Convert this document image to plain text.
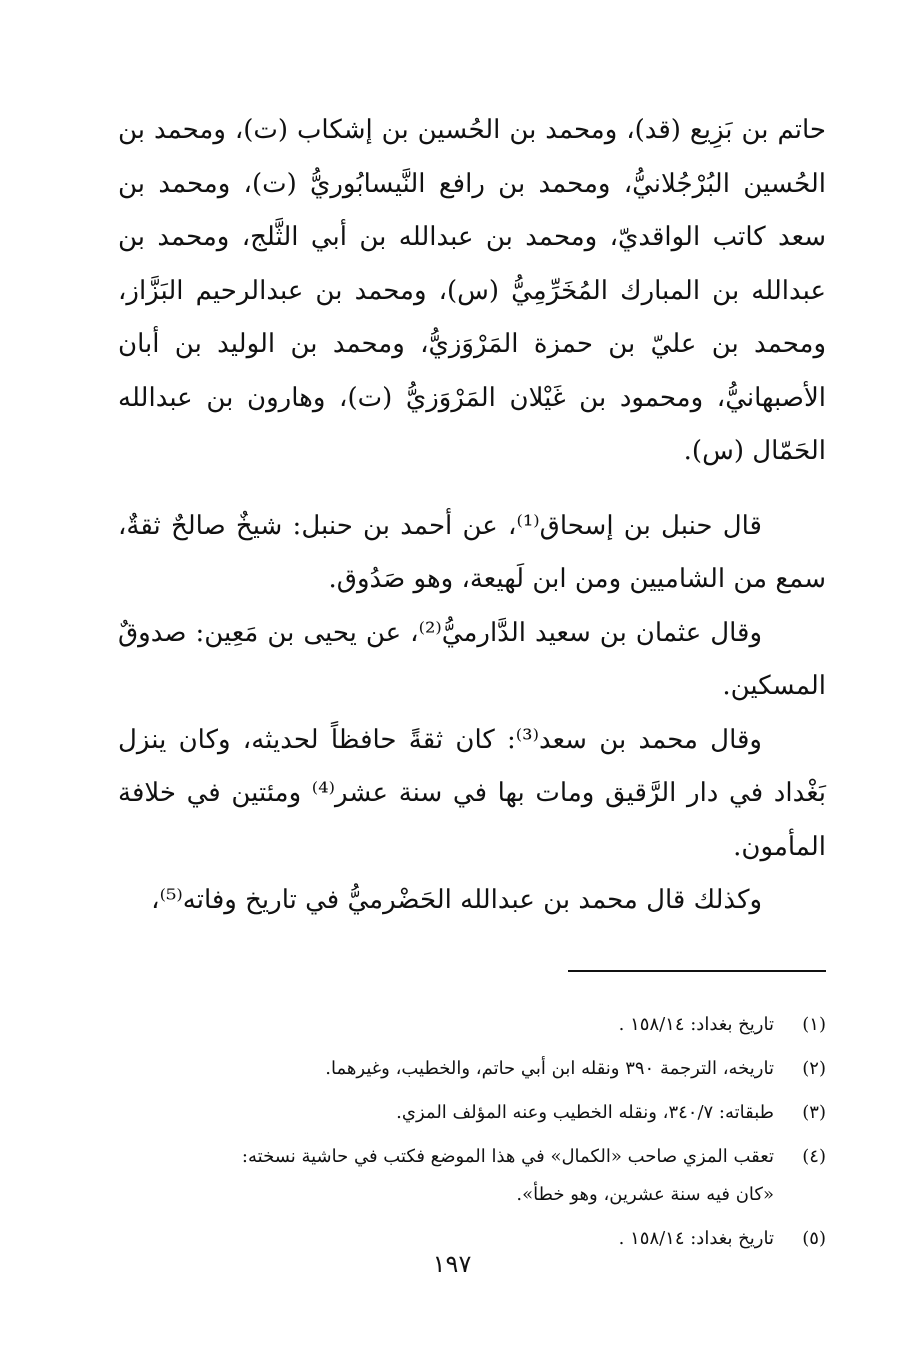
حاتم بن بَزِيع (قد)، ومحمد بن الحُسين بن إشكاب (ت)، ومحمد بن الحُسين البُرْجُلانيُّ، ومحمد بن رافع النَّيسابُوريُّ (ت)، ومحمد بن سعد كاتب الواقديّ، ومحمد بن عبدالله بن أبي الثَّلج، ومحمد بن عبدالله بن المبارك المُخَرِّمِيُّ (س)، ومحمد بن عبدالرحيم البَزَّاز، ومحمد بن عليّ بن حمزة المَرْوَزيُّ، ومحمد بن الوليد بن أبان الأصبهانيُّ، ومحمود بن غَيْلان المَرْوَزيُّ (ت)، وهارون بن عبدالله الحَمّال (س).

قال حنبل بن إسحاق⁽¹⁾، عن أحمد بن حنبل: شيخٌ صالحٌ ثقةٌ، سمع من الشاميين ومن ابن لَهيعة، وهو صَدُوق.

وقال عثمان بن سعيد الدَّارميُّ⁽²⁾، عن يحيى بن مَعِين: صدوقٌ المسكين.

وقال محمد بن سعد⁽³⁾: كان ثقةً حافظاً لحديثه، وكان ينزل بَغْداد في دار الرَّقيق ومات بها في سنة عشر⁽⁴⁾ ومئتين في خلافة المأمون.

وكذلك قال محمد بن عبدالله الحَضْرميُّ في تاريخ وفاته⁽⁵⁾،

(١)
تاريخ بغداد: ١٥٨/١٤ .
(٢)
تاريخه، الترجمة ٣٩٠ ونقله ابن أبي حاتم، والخطيب، وغيرهما.
(٣)
طبقاته: ٣٤٠/٧، ونقله الخطيب وعنه المؤلف المزي.
(٤)
تعقب المزي صاحب «الكمال» في هذا الموضع فكتب في حاشية نسخته: «كان فيه سنة عشرين، وهو خطأ».
(٥)
تاريخ بغداد: ١٥٨/١٤ .
١٩٧
